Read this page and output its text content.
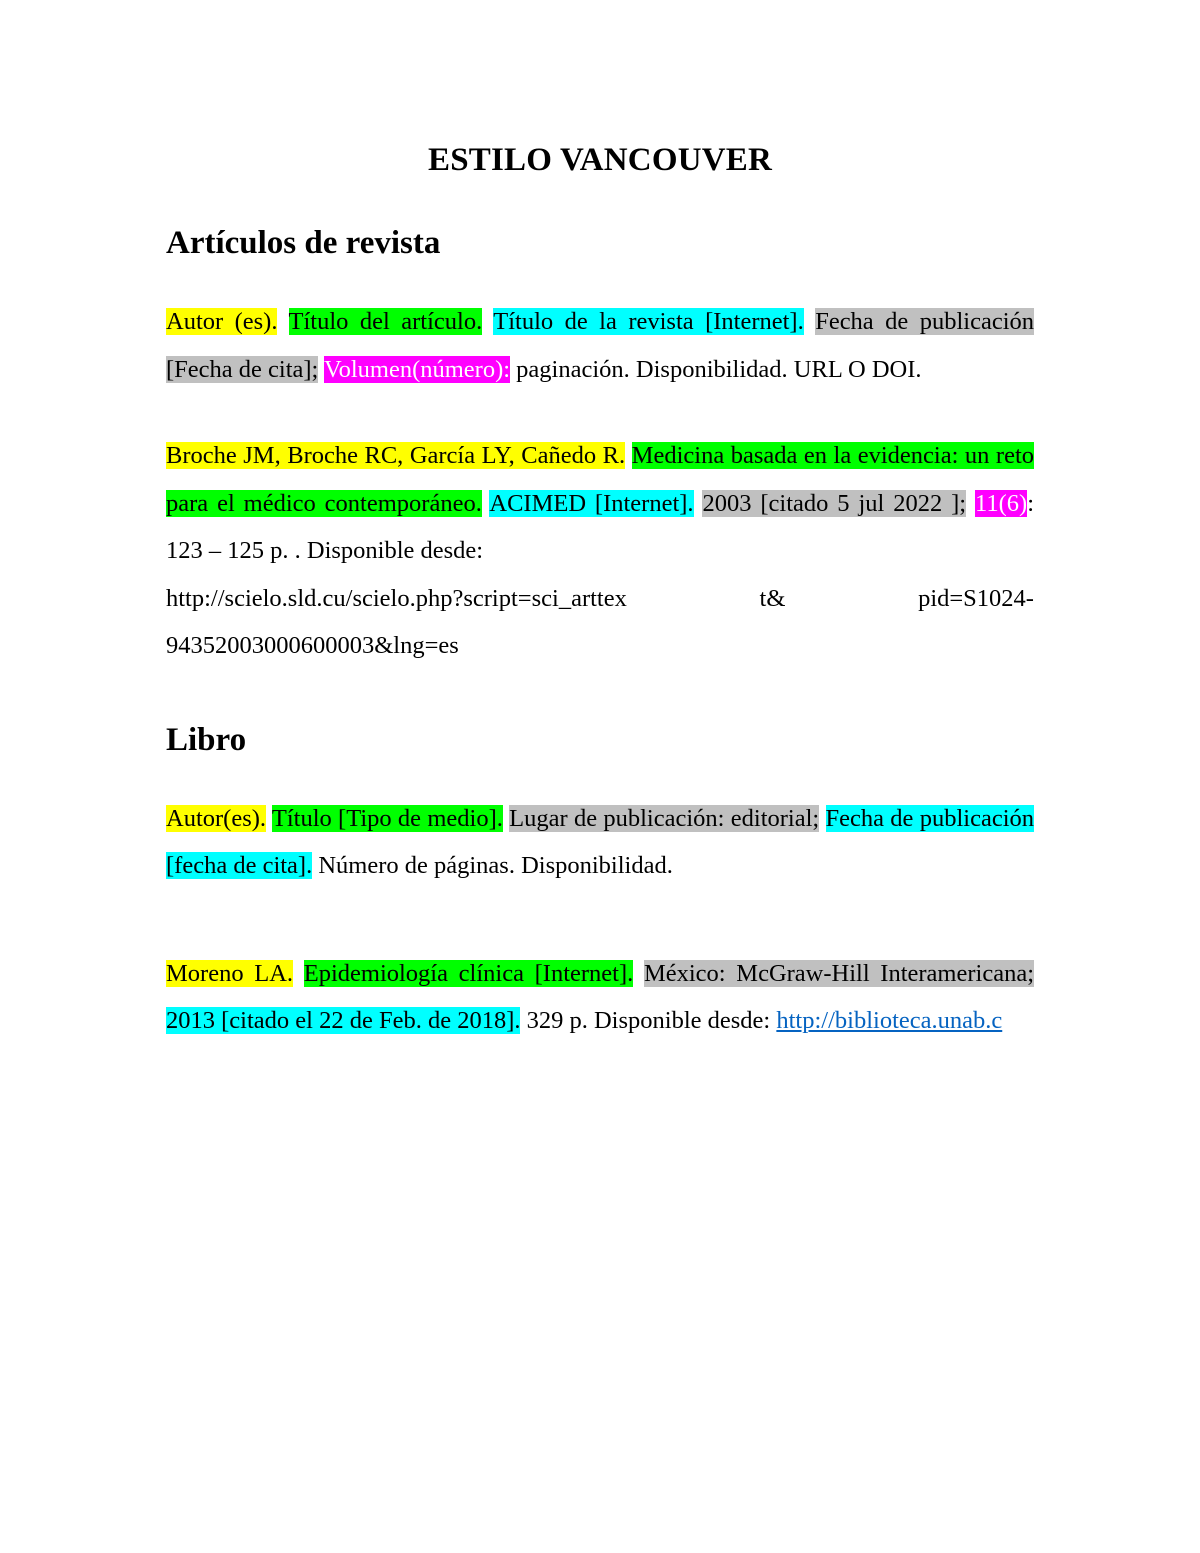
ESTILO VANCOUVER
Artículos de revista

Autor (es). Título del artículo. Título de la revista [Internet]. Fecha de publicación [Fecha de cita]; Volumen(número): paginación. Disponibilidad. URL O DOI.

Broche JM, Broche RC, García LY, Cañedo R. Medicina basada en la evidencia: un reto para el médico contemporáneo. ACIMED [Internet]. 2003 [citado 5 jul 2022 ]; 11(6): 123 – 125 p. . Disponible desde:

http://scielo.sld.cu/scielo.php?script=sci_arttex	t&	pid=S1024-

94352003000600003&lng=es

Libro

Autor(es). Título [Tipo de medio]. Lugar de publicación: editorial; Fecha de publicación [fecha de cita]. Número de páginas. Disponibilidad.

Moreno LA. Epidemiología clínica [Internet]. México: McGraw-Hill Interamericana; 2013 [citado el 22 de Feb. de 2018]. 329 p. Disponible desde: http://biblioteca.unab.c
